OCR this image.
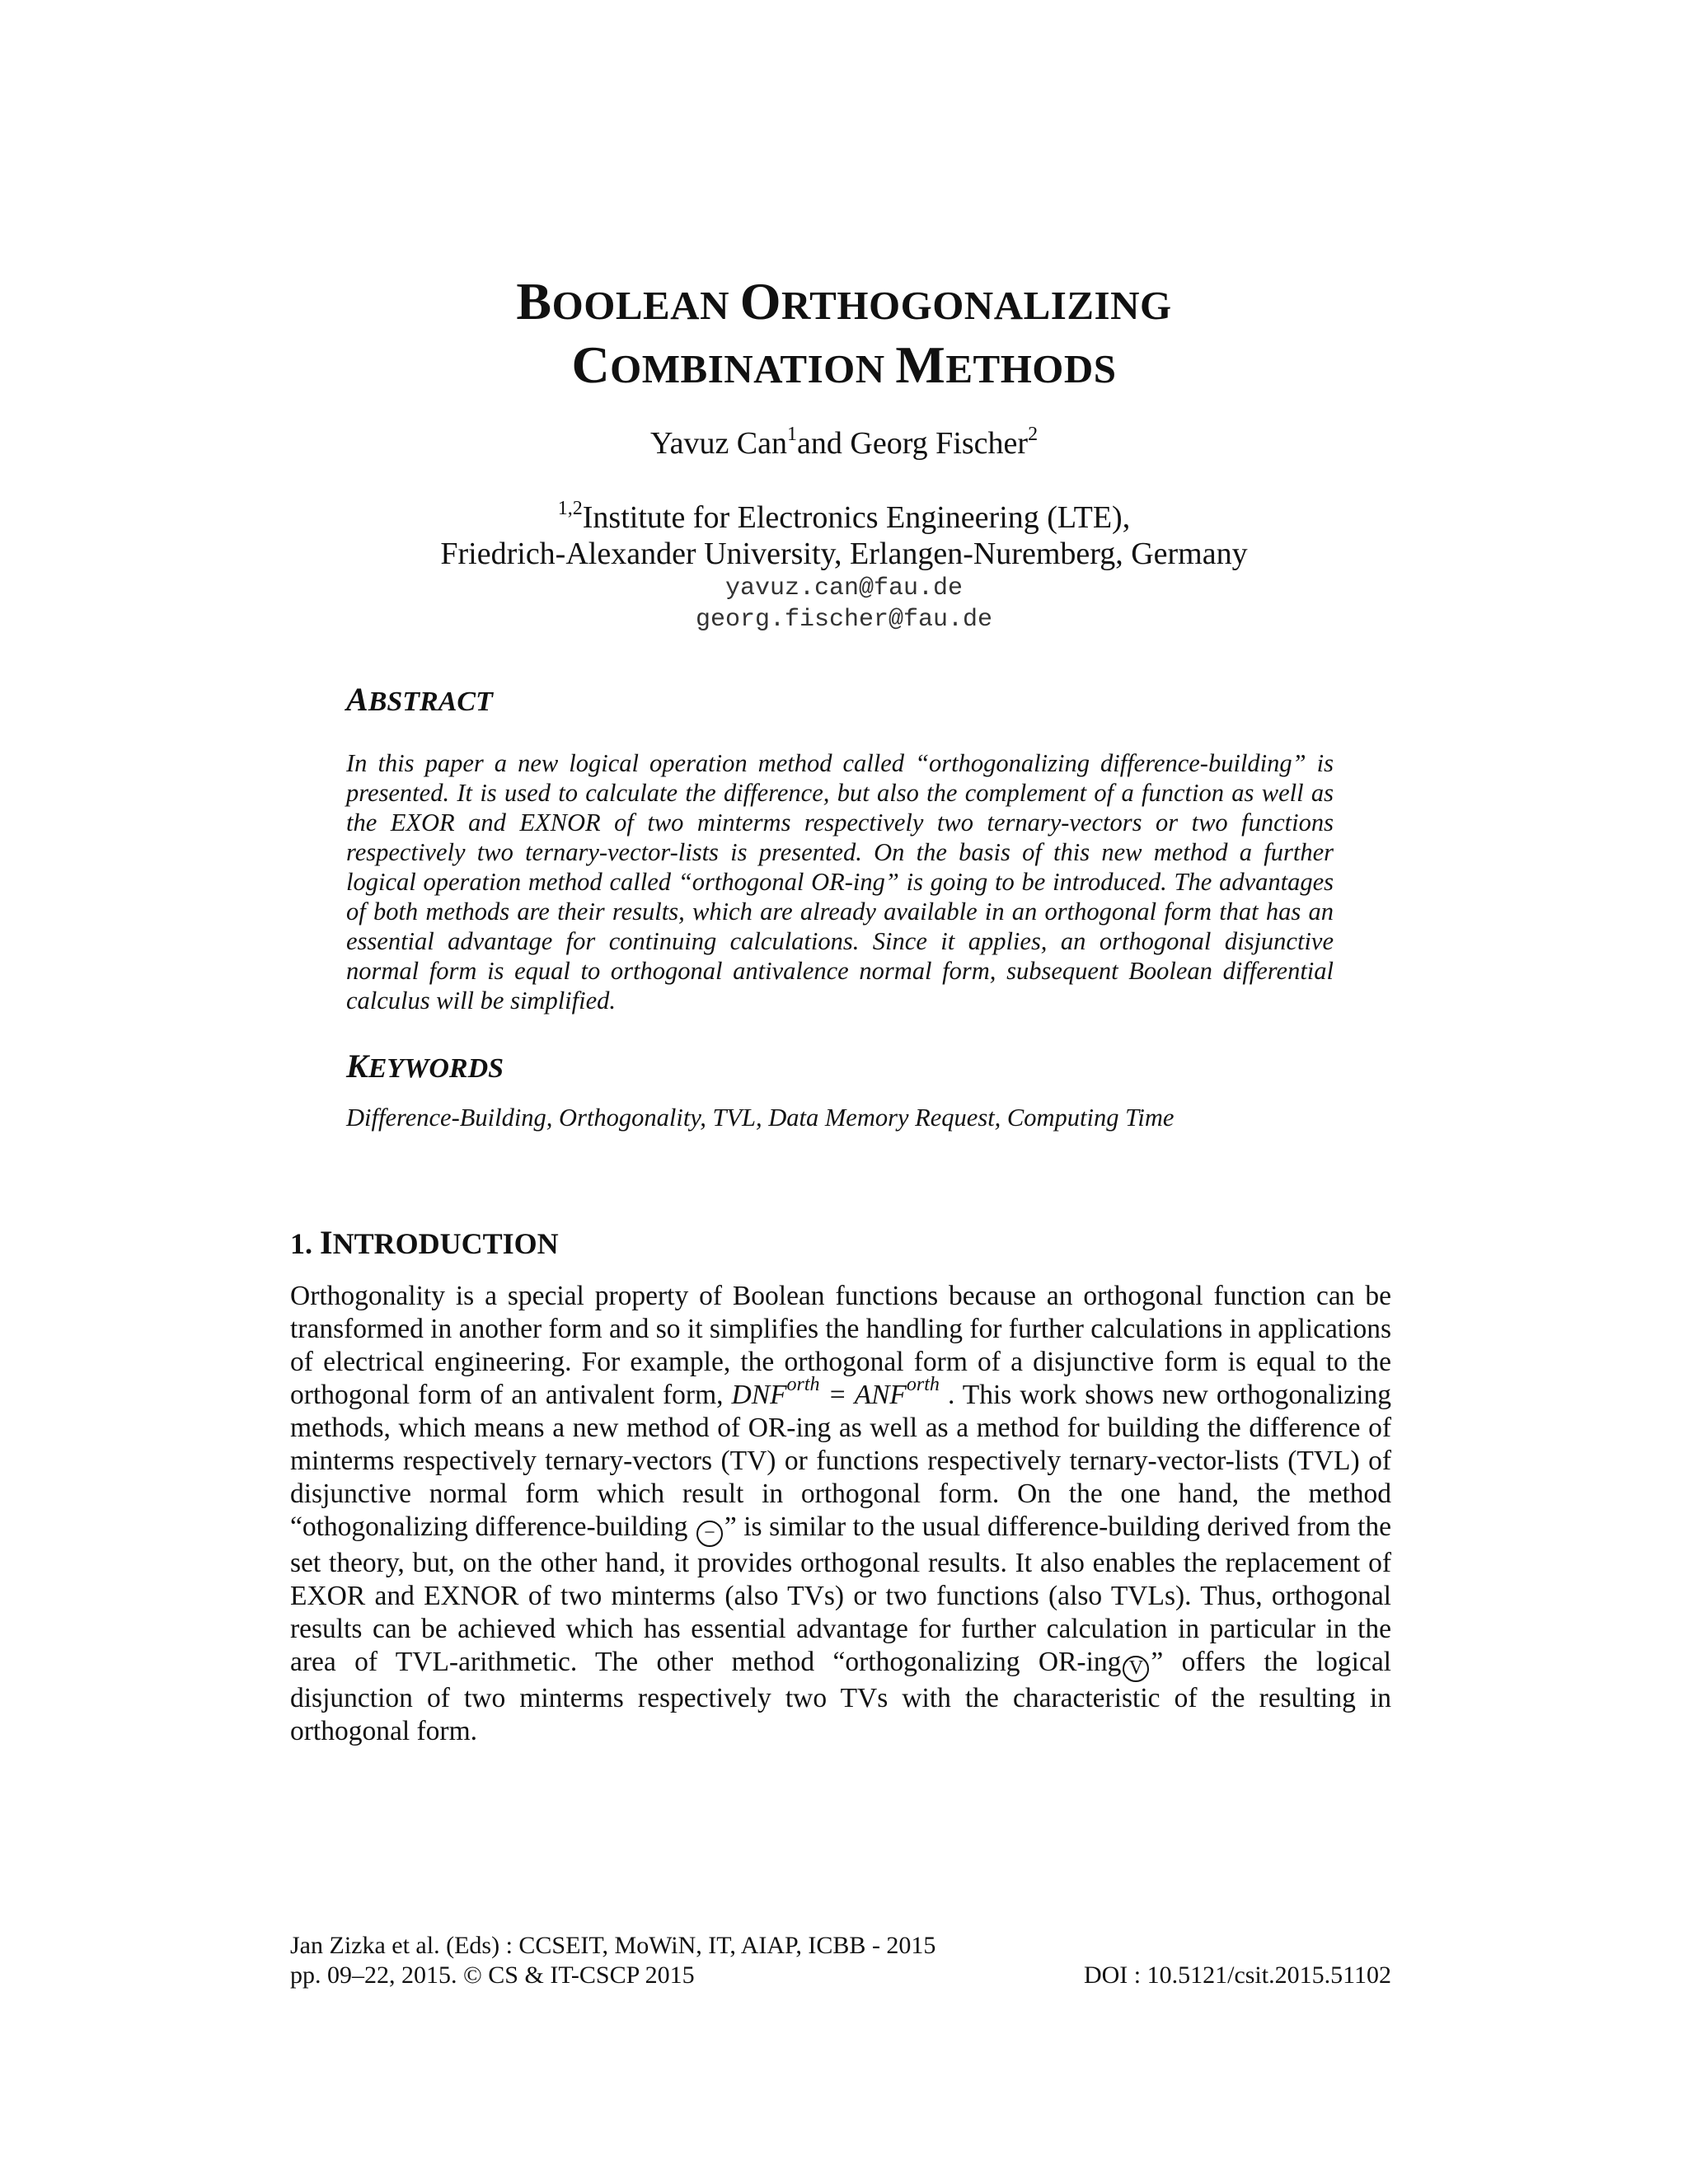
BOOLEAN ORTHOGONALIZING
COMBINATION METHODS
Yavuz Can$^1$and Georg Fischer$^2$
$^{1,2}$Institute for Electronics Engineering (LTE),
Friedrich-Alexander University, Erlangen-Nuremberg, Germany
yavuz.can@fau.de
georg.fischer@fau.de
ABSTRACT
In this paper a new logical operation method called “orthogonalizing difference-building” is presented. It is used to calculate the difference, but also the complement of a function as well as the EXOR and EXNOR of two minterms respectively two ternary-vectors or two functions respectively two ternary-vector-lists is presented. On the basis of this new method a further logical operation method called “orthogonal OR-ing” is going to be introduced. The advantages of both methods are their results, which are already available in an orthogonal form that has an essential advantage for continuing calculations. Since it applies, an orthogonal disjunctive normal form is equal to orthogonal antivalence normal form, subsequent Boolean differential calculus will be simplified.
KEYWORDS
Difference-Building, Orthogonality, TVL, Data Memory Request, Computing Time
1. INTRODUCTION
Orthogonality is a special property of Boolean functions because an orthogonal function can be transformed in another form and so it simplifies the handling for further calculations in applications of electrical engineering. For example, the orthogonal form of a disjunctive form is equal to the orthogonal form of an antivalent form, $DNF^{orth} = ANF^{orth}$ . This work shows new orthogonalizing methods, which means a new method of OR-ing as well as a method for building the difference of minterms respectively ternary-vectors (TV) or functions respectively ternary-vector-lists (TVL) of disjunctive normal form which result in orthogonal form. On the one hand, the method “othogonalizing difference-building − ” is similar to the usual difference-building derived from the set theory, but, on the other hand, it provides orthogonal results. It also enables the replacement of EXOR and EXNOR of two minterms (also TVs) or two functions (also TVLs). Thus, orthogonal results can be achieved which has essential advantage for further calculation in particular in the area of TVL-arithmetic. The other method “orthogonalizing OR-ing V ” offers the logical disjunction of two minterms respectively two TVs with the characteristic of the resulting in orthogonal form.
Jan Zizka et al. (Eds) : CCSEIT, MoWiN, IT, AIAP, ICBB - 2015
pp. 09–22, 2015. © CS & IT-CSCP 2015	DOI : 10.5121/csit.2015.51102
